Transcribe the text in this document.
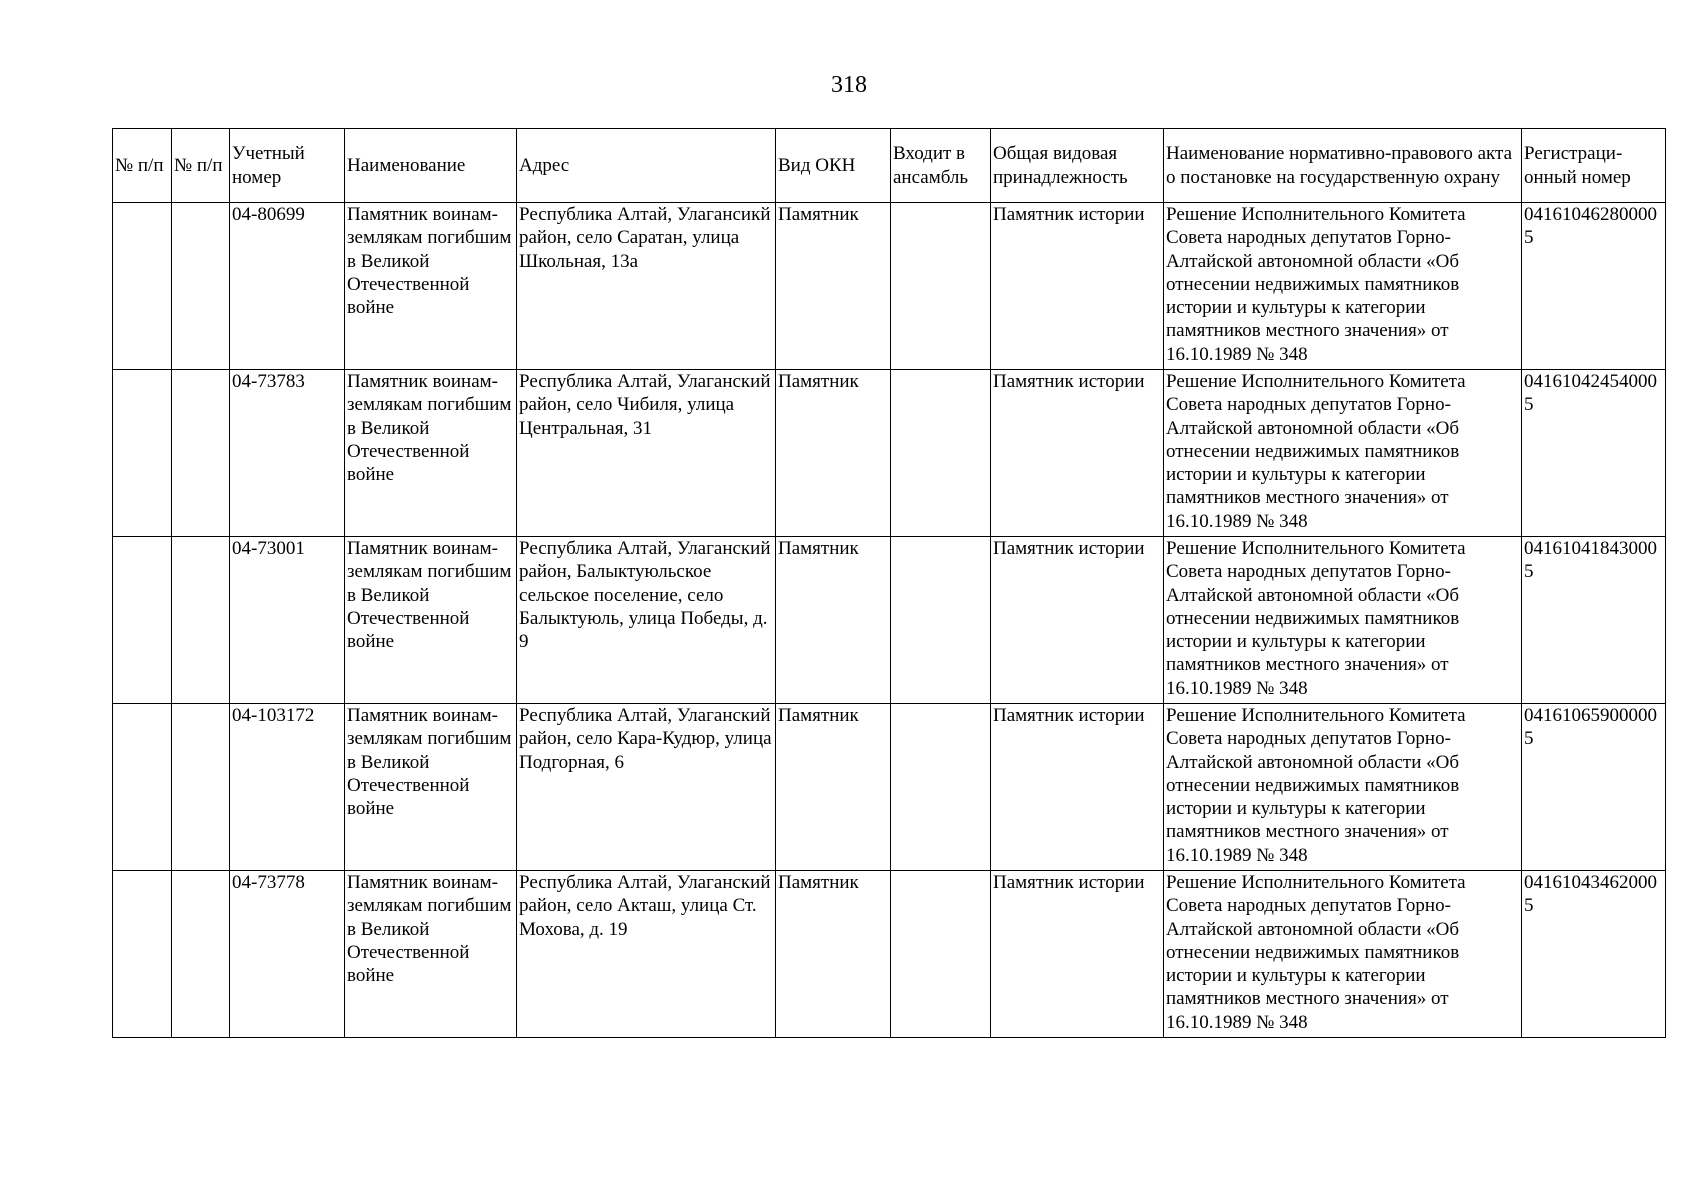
318
№ п/п	№ п/п	Учетный номер	Наименование	Адрес	Вид ОКН	Входит в ансамбль	Общая видовая принадлежность	Наименование нормативно-правового акта о постановке на государственную охрану	Регистраци-онный номер
		04-80699	Памятник воинам-землякам погибшим в Великой Отечественной войне	Республика Алтай, Улагансикй район, село Саратан, улица Школьная, 13а	Памятник		Памятник истории	Решение Исполнительного Комитета Совета народных депутатов Горно-Алтайской автономной области «Об отнесении недвижимых памятников истории и культуры к категории памятников местного значения» от 16.10.1989 № 348	041610462800005
		04-73783	Памятник воинам-землякам погибшим в Великой Отечественной войне	Республика Алтай, Улаганский район, село Чибиля, улица Центральная, 31	Памятник		Памятник истории	Решение Исполнительного Комитета Совета народных депутатов Горно-Алтайской автономной области «Об отнесении недвижимых памятников истории и культуры к категории памятников местного значения» от 16.10.1989 № 348	041610424540005
		04-73001	Памятник воинам-землякам погибшим в Великой Отечественной войне	Республика Алтай, Улаганский район, Балыктуюльское сельское поселение, село Балыктуюль, улица Победы, д. 9	Памятник		Памятник истории	Решение Исполнительного Комитета Совета народных депутатов Горно-Алтайской автономной области «Об отнесении недвижимых памятников истории и культуры к категории памятников местного значения» от 16.10.1989 № 348	041610418430005
		04-103172	Памятник воинам-землякам погибшим в Великой Отечественной войне	Республика Алтай, Улаганский район, село Кара-Кудюр, улица Подгорная, 6	Памятник		Памятник истории	Решение Исполнительного Комитета Совета народных депутатов Горно-Алтайской автономной области «Об отнесении недвижимых памятников истории и культуры к категории памятников местного значения» от 16.10.1989 № 348	041610659000005
		04-73778	Памятник воинам-землякам погибшим в Великой Отечественной войне	Республика Алтай, Улаганский район, село Акташ, улица Ст. Мохова, д. 19	Памятник		Памятник истории	Решение Исполнительного Комитета Совета народных депутатов Горно-Алтайской автономной области «Об отнесении недвижимых памятников истории и культуры к категории памятников местного значения» от 16.10.1989 № 348	041610434620005
